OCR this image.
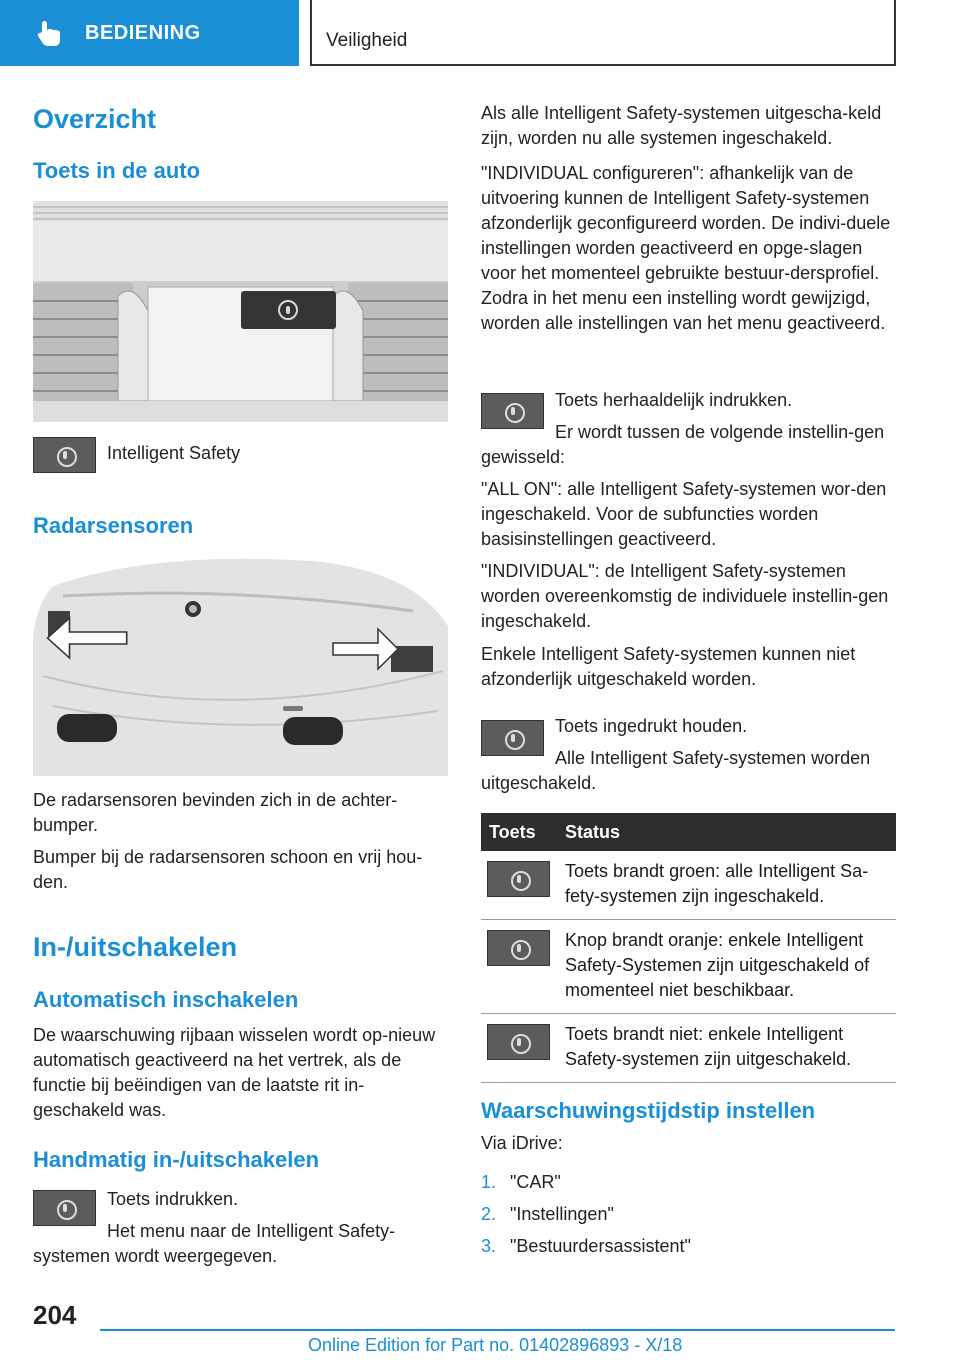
BEDIENING	Veiligheid
Overzicht
Toets in de auto

Intelligent Safety

Radarsensoren

De radarsensoren bevinden zich in de achter-bumper.

Bumper bij de radarsensoren schoon en vrij hou-den.

In-/uitschakelen
Automatisch inschakelen

De waarschuwing rijbaan wisselen wordt op-nieuw automatisch geactiveerd na het vertrek, als de functie bij beëindigen van de laatste rit in-geschakeld was.

Handmatig in-/uitschakelen

Toets indrukken.

Het menu naar de Intelligent Safety-systemen wordt weergegeven.

Als alle Intelligent Safety-systemen uitgescha-keld zijn, worden nu alle systemen ingeschakeld.

"INDIVIDUAL configureren": afhankelijk van de uitvoering kunnen de Intelligent Safety-systemen afzonderlijk geconfigureerd worden. De indivi-duele instellingen worden geactiveerd en opge-slagen voor het momenteel gebruikte bestuur-dersprofiel. Zodra in het menu een instelling wordt gewijzigd, worden alle instellingen van het menu geactiveerd.

Toets herhaaldelijk indrukken.

Er wordt tussen de volgende instellin-gen gewisseld:

"ALL ON": alle Intelligent Safety-systemen wor-den ingeschakeld. Voor de subfuncties worden basisinstellingen geactiveerd.

"INDIVIDUAL": de Intelligent Safety-systemen worden overeenkomstig de individuele instellin-gen ingeschakeld.

Enkele Intelligent Safety-systemen kunnen niet afzonderlijk uitgeschakeld worden.

Toets ingedrukt houden.

Alle Intelligent Safety-systemen worden uitgeschakeld.

Toets	Status
	Toets brandt groen: alle Intelligent Sa-fety-systemen zijn ingeschakeld.
	Knop brandt oranje: enkele Intelligent Safety-Systemen zijn uitgeschakeld of momenteel niet beschikbaar.
	Toets brandt niet: enkele Intelligent Safety-systemen zijn uitgeschakeld.
Waarschuwingstijdstip instellen

Via iDrive:

1. "CAR"
2. "Instellingen"
3. "Bestuurdersassistent"
204
Online Edition for Part no. 01402896893 - X/18
